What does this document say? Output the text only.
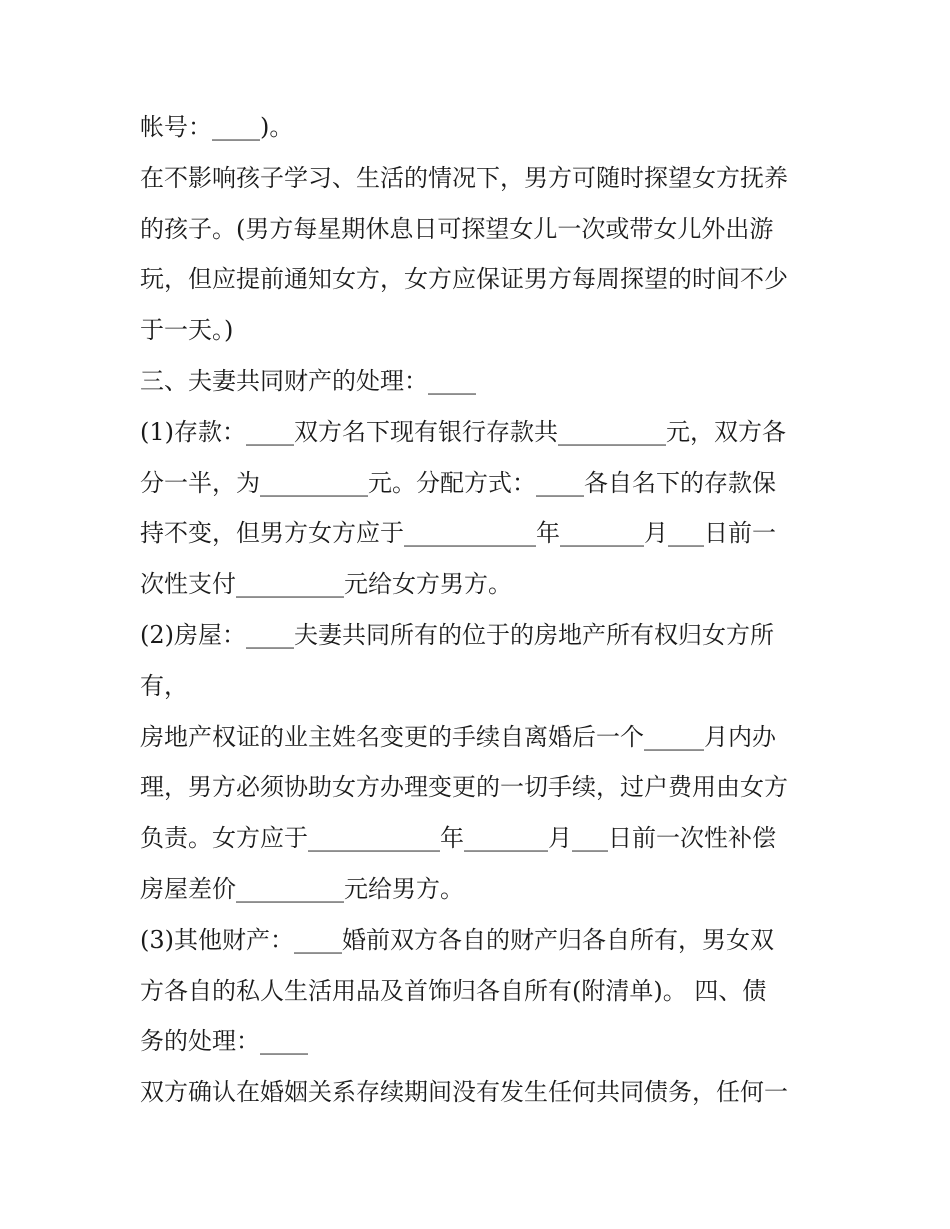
帐号：____)。
在不影响孩子学习、生活的情况下，男方可随时探望女方抚养
的孩子。(男方每星期休息日可探望女儿一次或带女儿外出游
玩，但应提前通知女方，女方应保证男方每周探望的时间不少
于一天。)
三、夫妻共同财产的处理：____
(1)存款：____双方名下现有银行存款共_________元，双方各
分一半，为_________元。分配方式：____各自名下的存款保
持不变，但男方女方应于___________年_______月___日前一
次性支付_________元给女方男方。
(2)房屋：____夫妻共同所有的位于的房地产所有权归女方所
有，
房地产权证的业主姓名变更的手续自离婚后一个_____月内办
理，男方必须协助女方办理变更的一切手续，过户费用由女方
负责。女方应于___________年_______月___日前一次性补偿
房屋差价_________元给男方。
(3)其他财产：____婚前双方各自的财产归各自所有，男女双
方各自的私人生活用品及首饰归各自所有(附清单)。 四、债
务的处理：____
双方确认在婚姻关系存续期间没有发生任何共同债务，任何一
